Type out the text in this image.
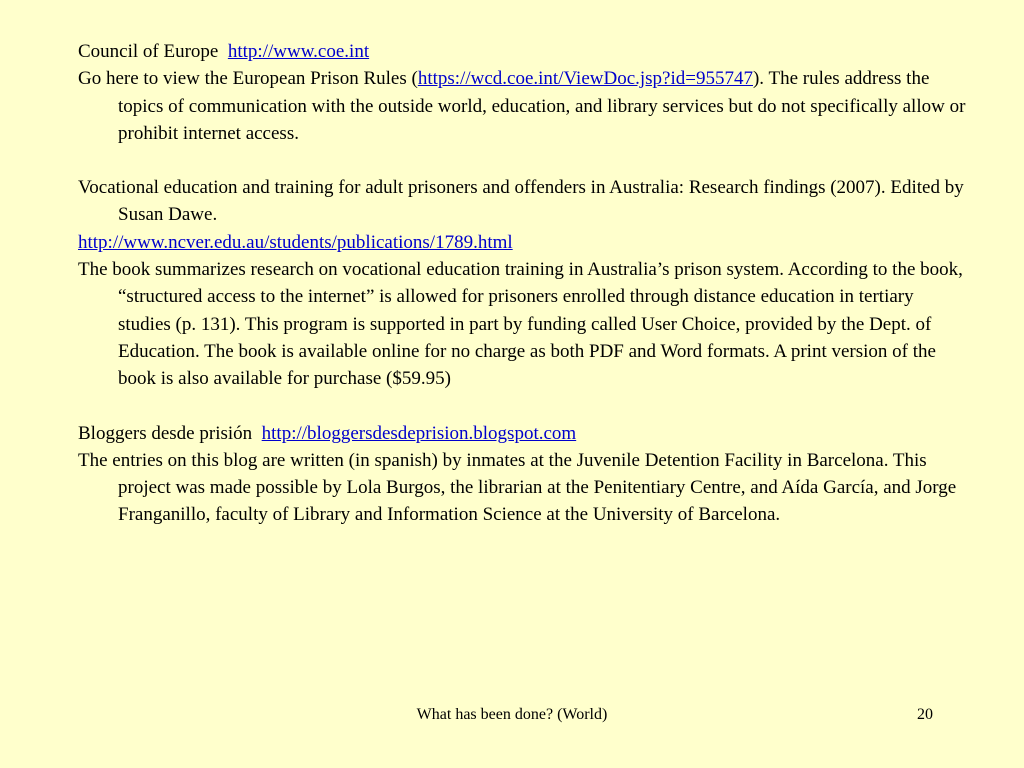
Council of Europe http://www.coe.int

Go here to view the European Prison Rules (https://wcd.coe.int/ViewDoc.jsp?id=955747). The rules address the topics of communication with the outside world, education, and library services but do not specifically allow or prohibit internet access.

Vocational education and training for adult prisoners and offenders in Australia: Research findings (2007). Edited by Susan Dawe.

http://www.ncver.edu.au/students/publications/1789.html

The book summarizes research on vocational education training in Australia’s prison system. According to the book, “structured access to the internet” is allowed for prisoners enrolled through distance education in tertiary studies (p. 131). This program is supported in part by funding called User Choice, provided by the Dept. of Education. The book is available online for no charge as both PDF and Word formats. A print version of the book is also available for purchase ($59.95)

Bloggers desde prisión http://bloggersdesdeprision.blogspot.com

The entries on this blog are written (in spanish) by inmates at the Juvenile Detention Facility in Barcelona. This project was made possible by Lola Burgos, the librarian at the Penitentiary Centre, and Aída García, and Jorge Franganillo, faculty of Library and Information Science at the University of Barcelona.

What has been done? (World)	20
